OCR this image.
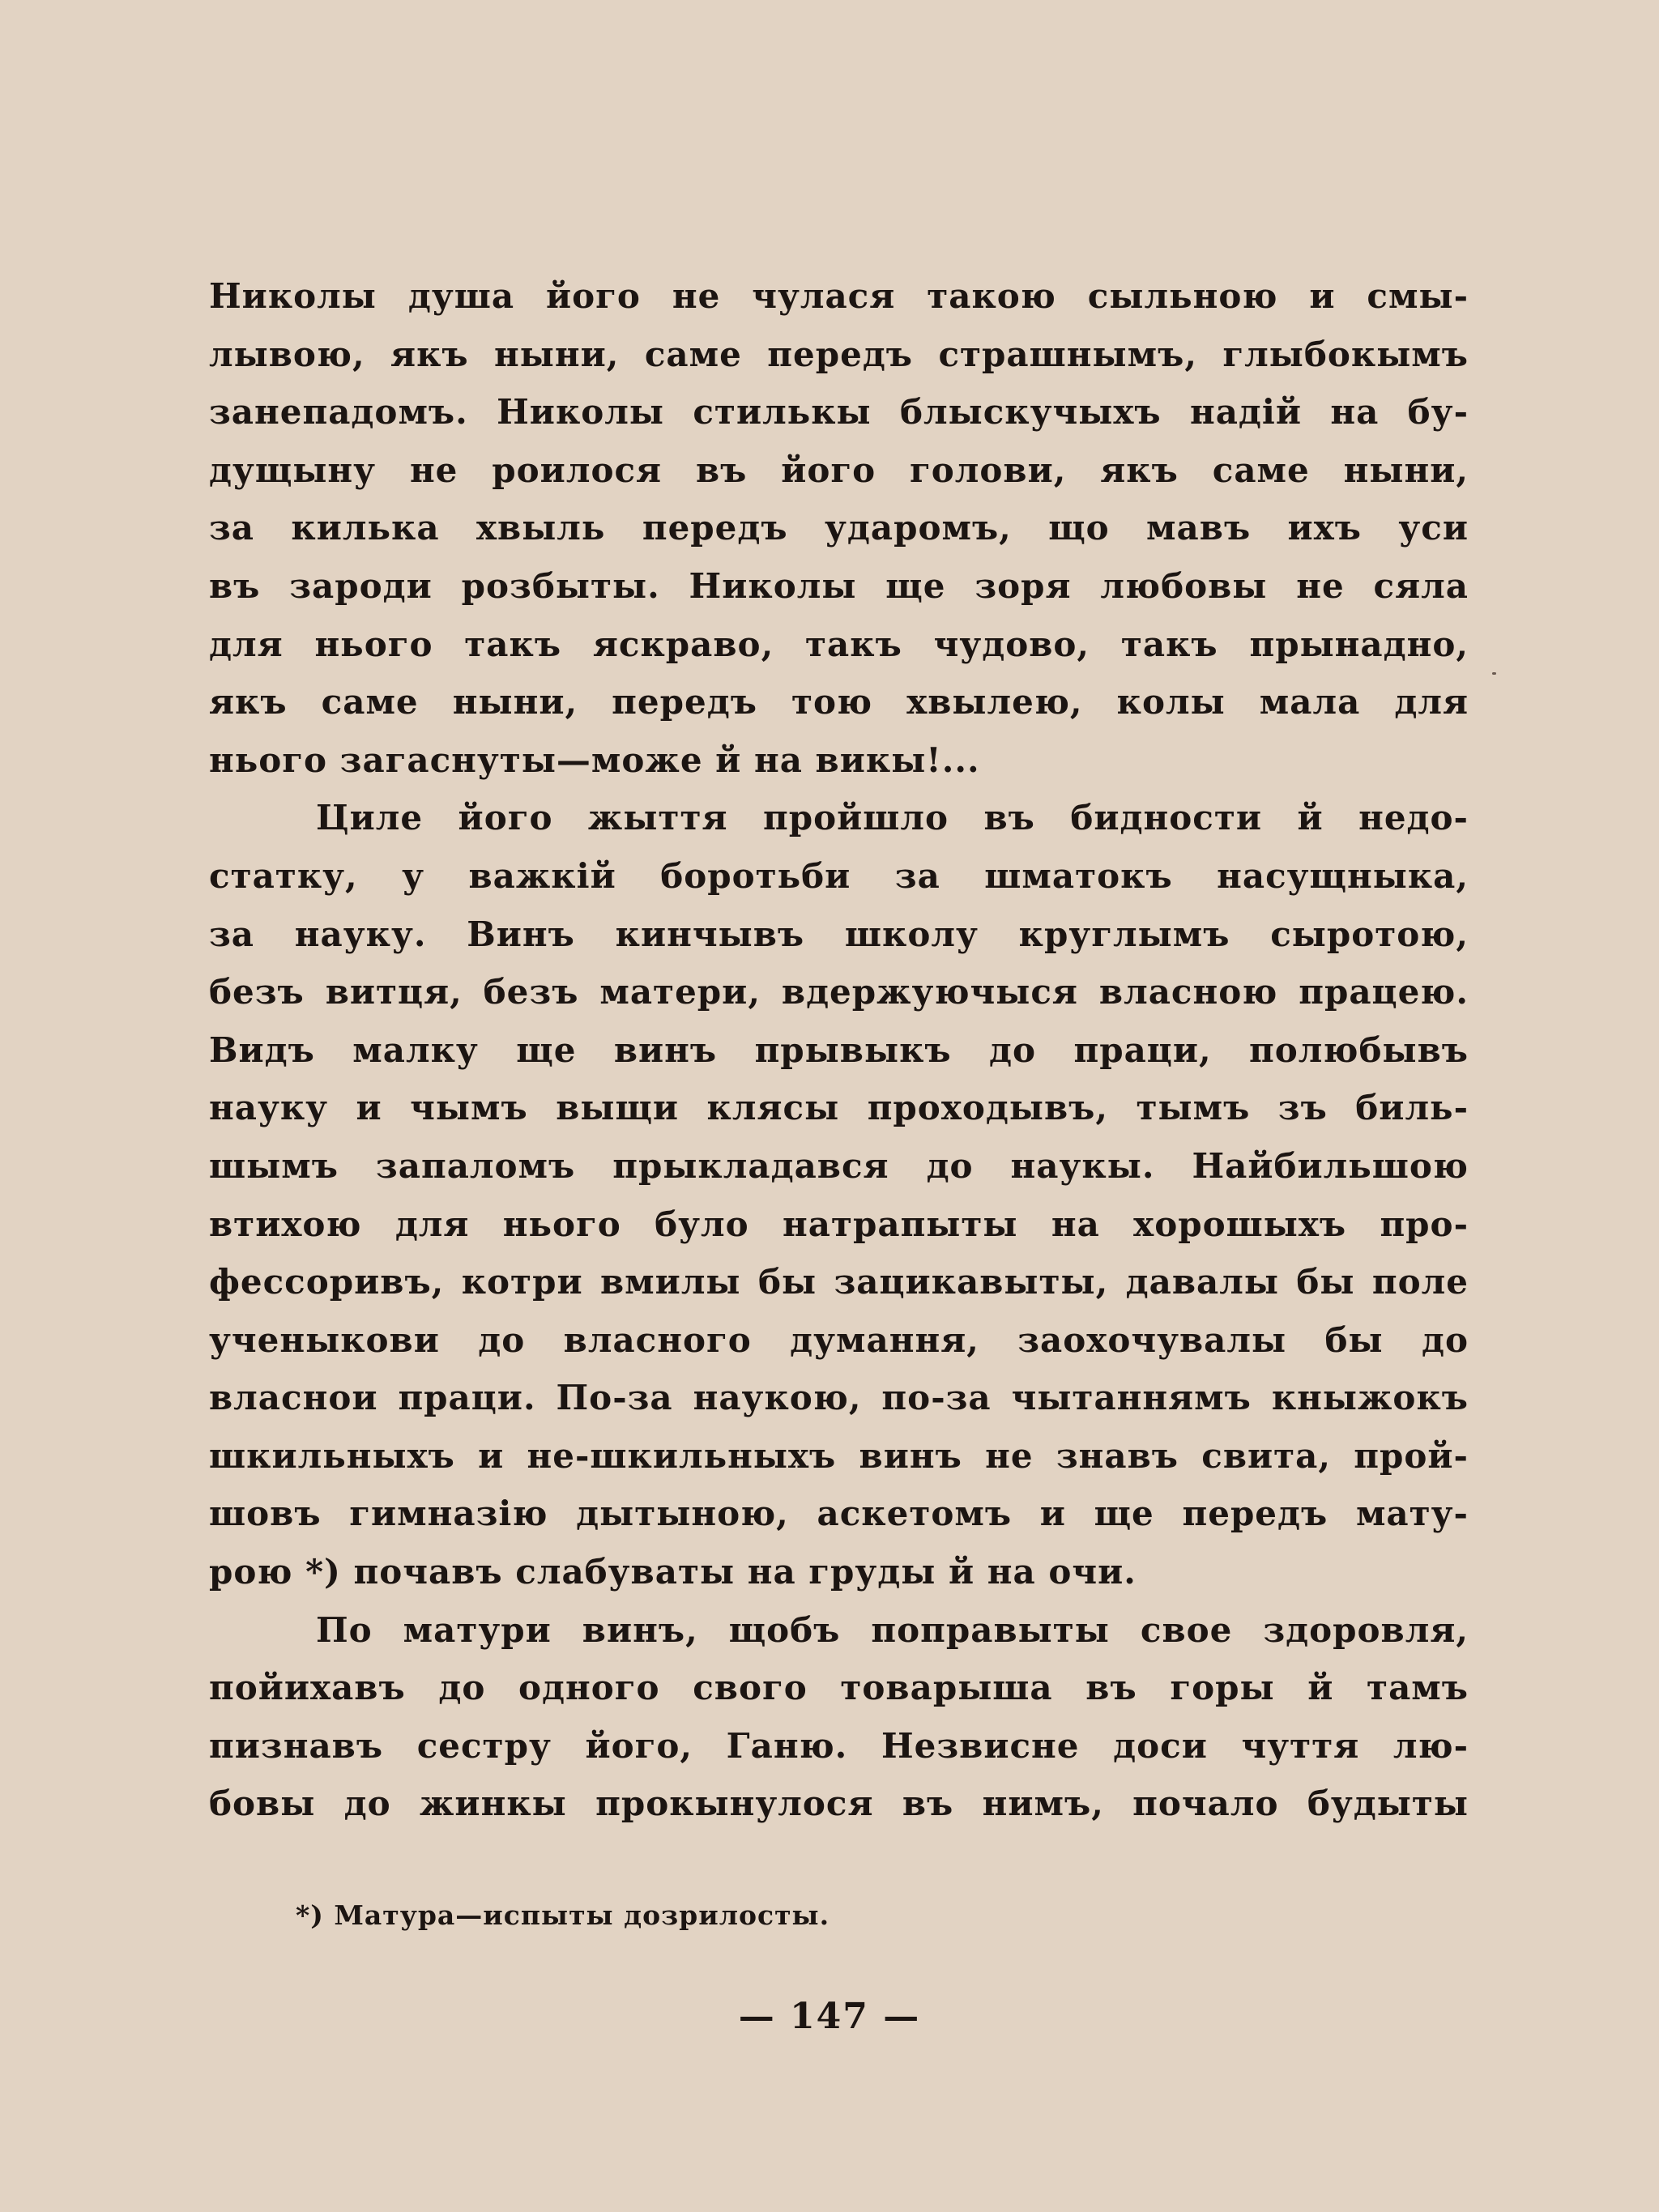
Николы душа його не чулася такою сыльною и смы-
лывою, якъ ныни, саме передъ страшнымъ, глыбокымъ
занепадомъ. Николы стилькы блыскучыхъ надій на бу-
дущыну не роилося въ його голови, якъ саме ныни,
за килька хвыль передъ ударомъ, що мавъ ихъ уси
въ зароди розбыты. Николы ще зоря любовы не сяла
для нього такъ яскраво, такъ чудово, такъ прынадно,
якъ саме ныни, передъ тою хвылею, колы мала для
нього загаснуты—може й на викы!...
Циле його жыття пройшло въ бидности й недо-
статку, у важкій боротьби за шматокъ насущныка,
за науку. Винъ кинчывъ школу круглымъ сыротою,
безъ витця, безъ матери, вдержуючыся власною працею.
Видъ малку ще винъ прывыкъ до праци, полюбывъ
науку и чымъ выщи клясы проходывъ, тымъ зъ биль-
шымъ запаломъ прыкладався до наукы. Найбильшою
втихою для нього було натрапыты на хорошыхъ про-
фессоривъ, котри вмилы бы зацикавыты, давалы бы поле
ученыкови до власного думання, заохочувалы бы до
власнои праци. По-за наукою, по-за чытаннямъ кныжокъ
шкильныхъ и не-шкильныхъ винъ не знавъ свита, прой-
шовъ гимназію дытыною, аскетомъ и ще передъ мату-
рою *) почавъ слабуваты на груды й на очи.
По матури винъ, щобъ поправыты свое здоровля,
пойихавъ до одного свого товарыша въ горы й тамъ
пизнавъ сестру його, Ганю. Незвисне доси чуття лю-
бовы до жинкы прокынулося въ нимъ, почало будыты
*) Матура—испыты дозрилосты.
— 147 —
